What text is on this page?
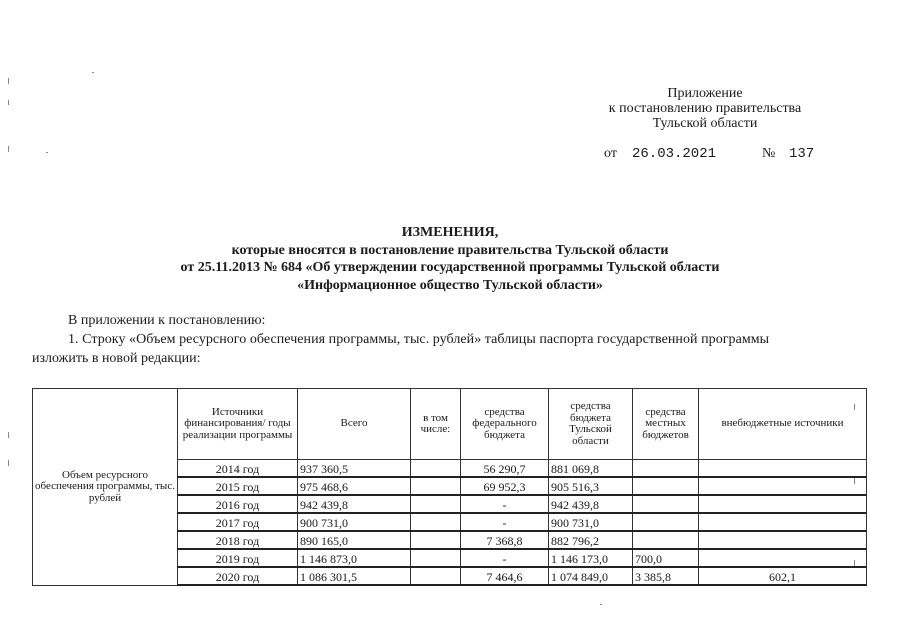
Приложение
к постановлению правительства
Тульской области
от 26.03.2021	№ 137
ИЗМЕНЕНИЯ,
которые вносятся в постановление правительства Тульской области
от 25.11.2013 № 684 «Об утверждении государственной программы Тульской области
«Информационное общество Тульской области»
В приложении к постановлению:
1. Строку «Объем ресурсного обеспечения программы, тыс. рублей» таблицы паспорта государственной программы
изложить в новой редакции:
Объем ресурсного обеспечения программы, тыс. рублей	Источники финансирования/ годы реализации программы	Всего	в том числе:	средства федерального бюджета	средства бюджета Тульской области	средства местных бюджетов	внебюджетные источники
	2014 год	937 360,5		56 290,7	881 069,8		
	2015 год	975 468,6		69 952,3	905 516,3		
	2016 год	942 439,8		-	942 439,8		
	2017 год	900 731,0		-	900 731,0		
	2018 год	890 165,0		7 368,8	882 796,2		
	2019 год	1 146 873,0		-	1 146 173,0	700,0	
	2020 год	1 086 301,5		7 464,6	1 074 849,0	3 385,8	602,1
